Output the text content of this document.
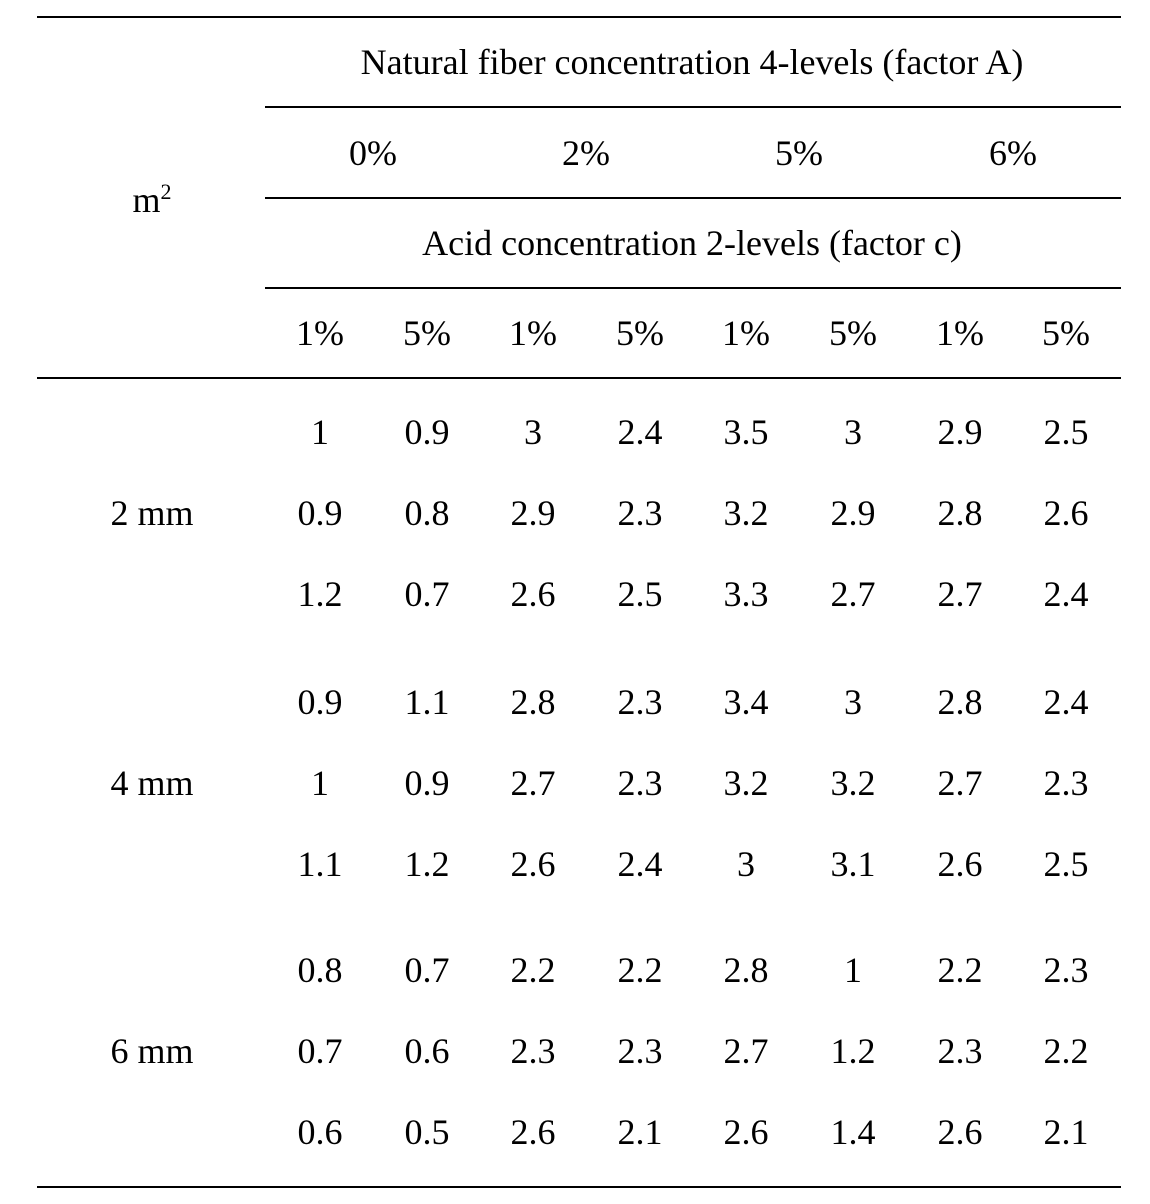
$m^2$
Natural fiber concentration 4-levels (factor A)
0%	2%	5%	6%
Acid concentration 2-levels (factor c)
1% 5% 1% 5% 1% 5% 1% 5%
2 mm
1 0.9 3 2.4 3.5 3 2.9 2.5
0.9 0.8 2.9 2.3 3.2 2.9 2.8 2.6
1.2 0.7 2.6 2.5 3.3 2.7 2.7 2.4
4 mm
0.9 1.1 2.8 2.3 3.4 3 2.8 2.4
1 0.9 2.7 2.3 3.2 3.2 2.7 2.3
1.1 1.2 2.6 2.4 3 3.1 2.6 2.5
6 mm
0.8 0.7 2.2 2.2 2.8 1 2.2 2.3
0.7 0.6 2.3 2.3 2.7 1.2 2.3 2.2
0.6 0.5 2.6 2.1 2.6 1.4 2.6 2.1
